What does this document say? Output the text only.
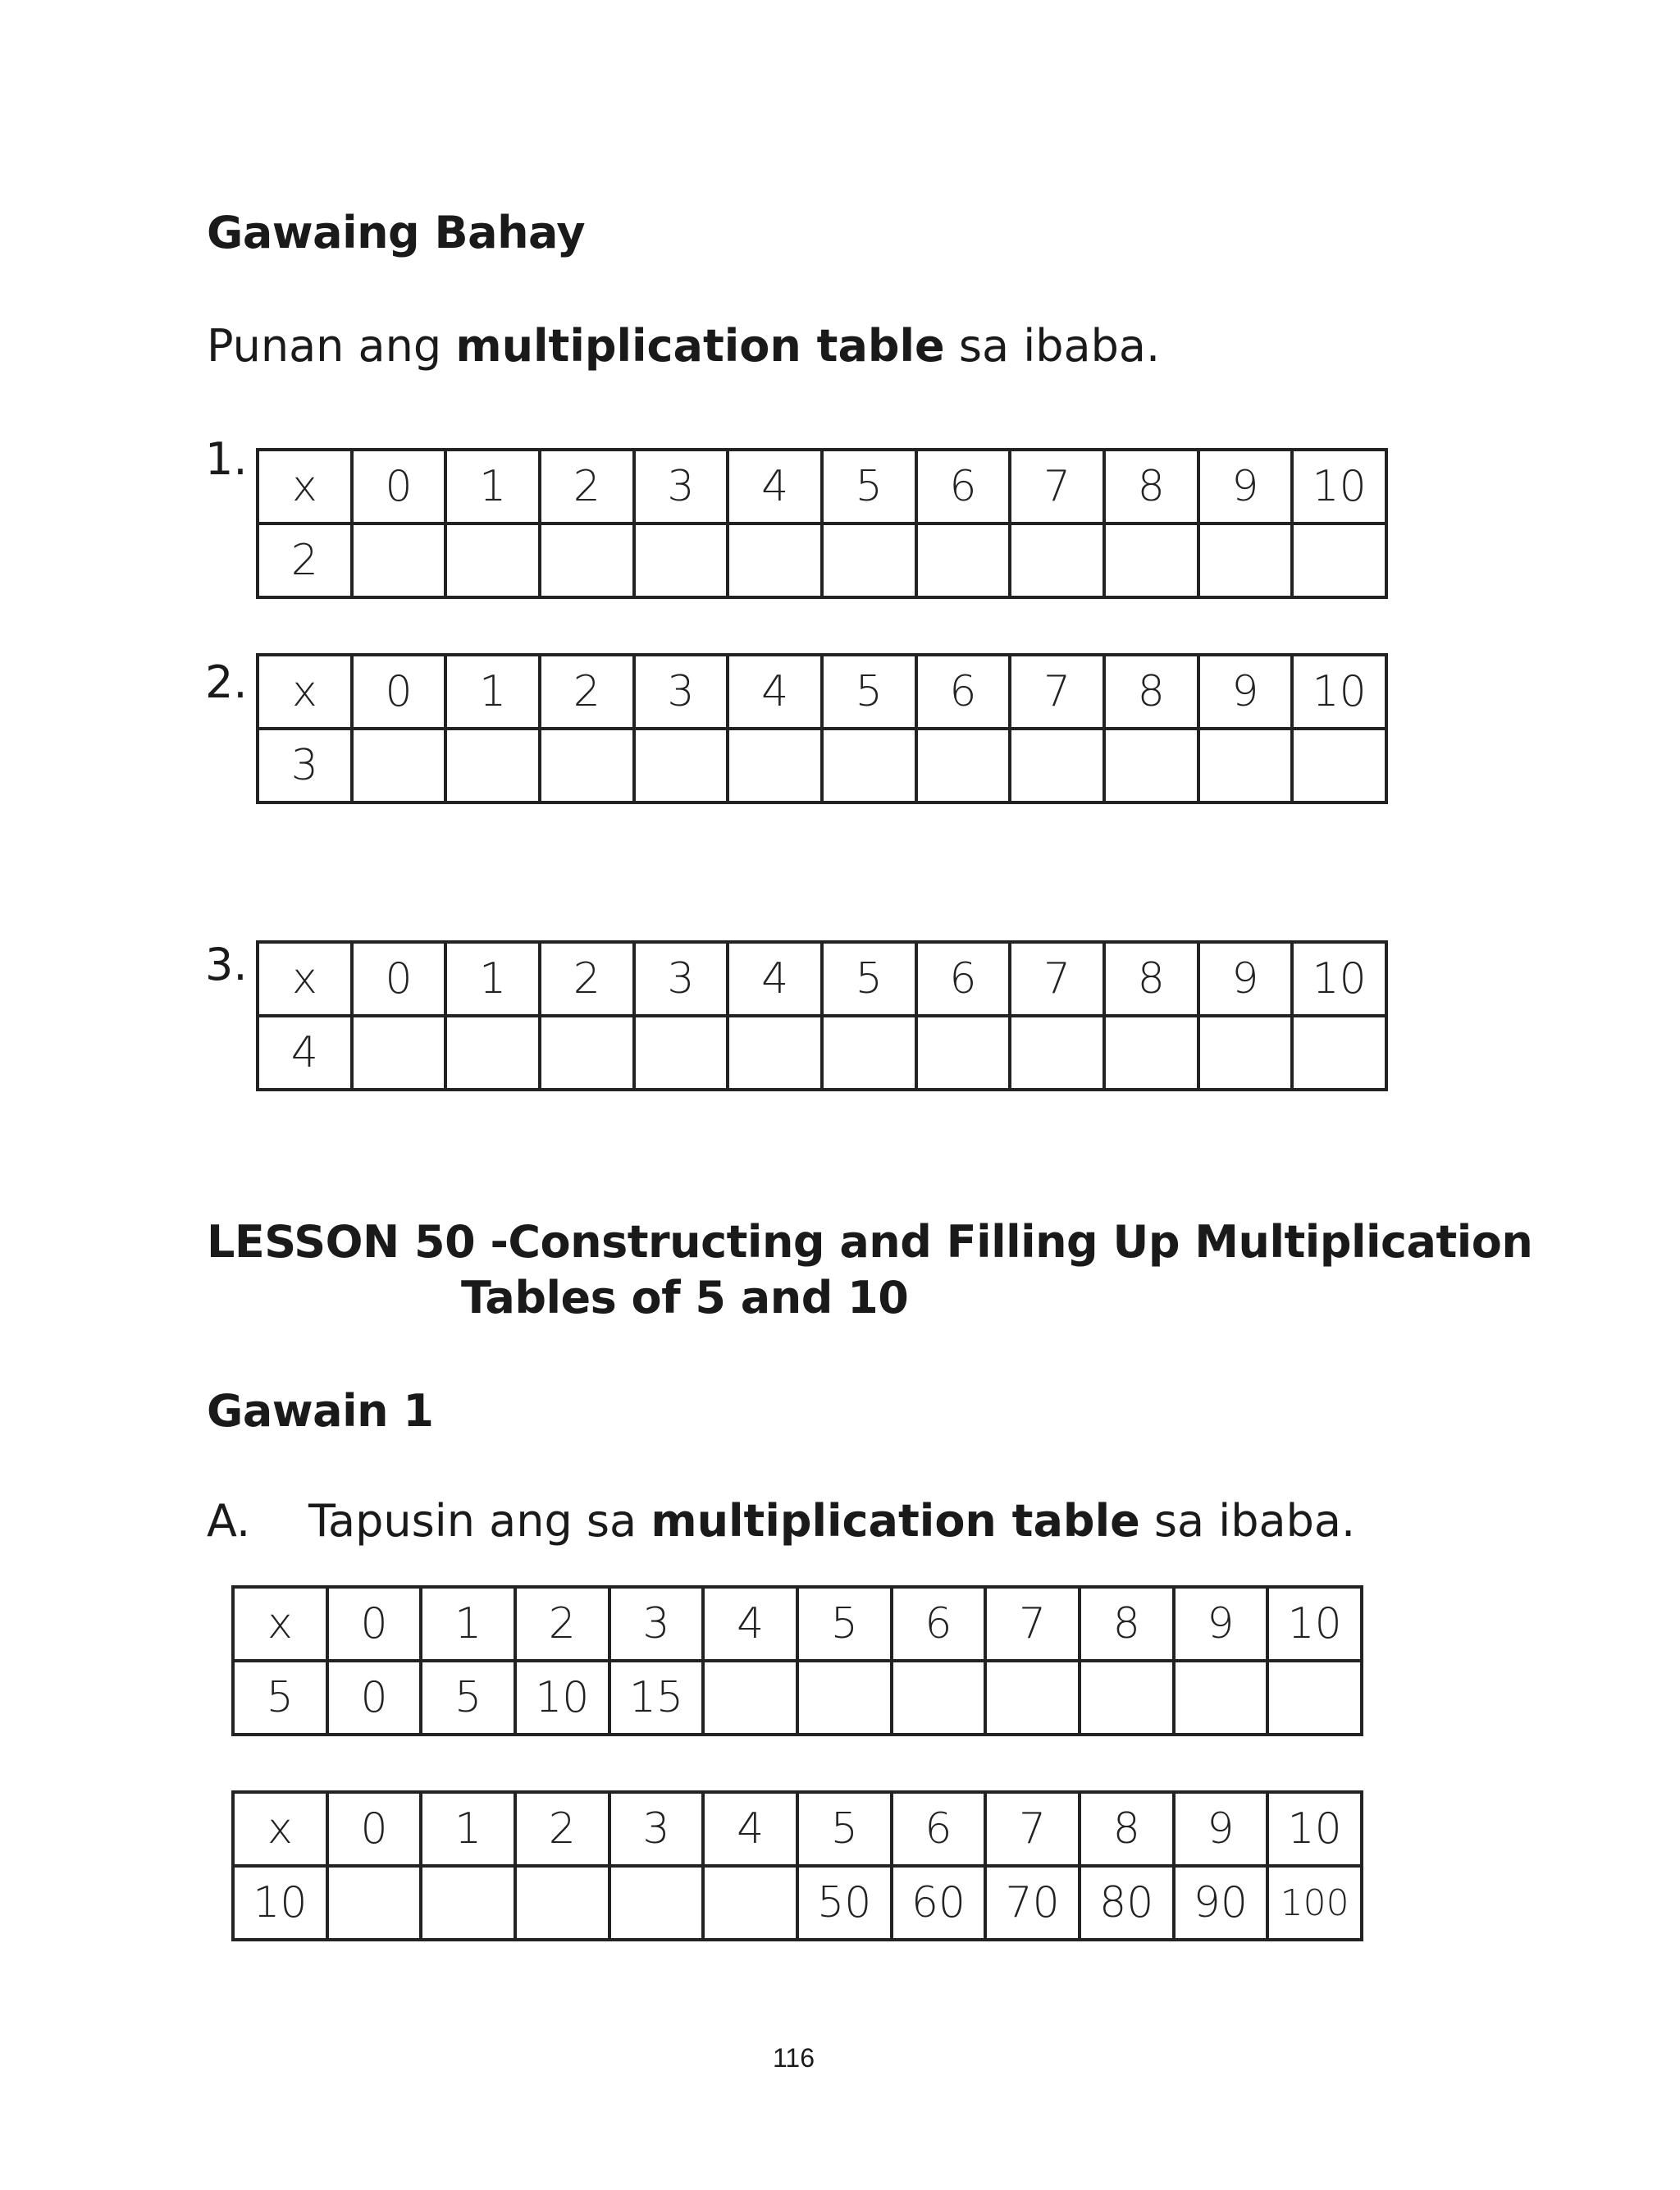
Gawaing Bahay
Punan ang multiplication table sa ibaba.
1.
x	0	1	2	3	4	5	6	7	8	9	10
2											
2. x	0	1	2	3	4	5	6	7	8	9	10
3											
3. x	0	1	2	3	4	5	6	7	8	9	10
4											
LESSON 50 -Constructing and Filling Up Multiplication
Tables of 5 and 10
Gawain 1
A. Tapusin ang sa multiplication table sa ibaba.
x	0	1	2	3	4	5	6	7	8	9	10
5	0	5	10	15							
x	0	1	2	3	4	5	6	7	8	9	10
10						50	60	70	80	90	100
116
